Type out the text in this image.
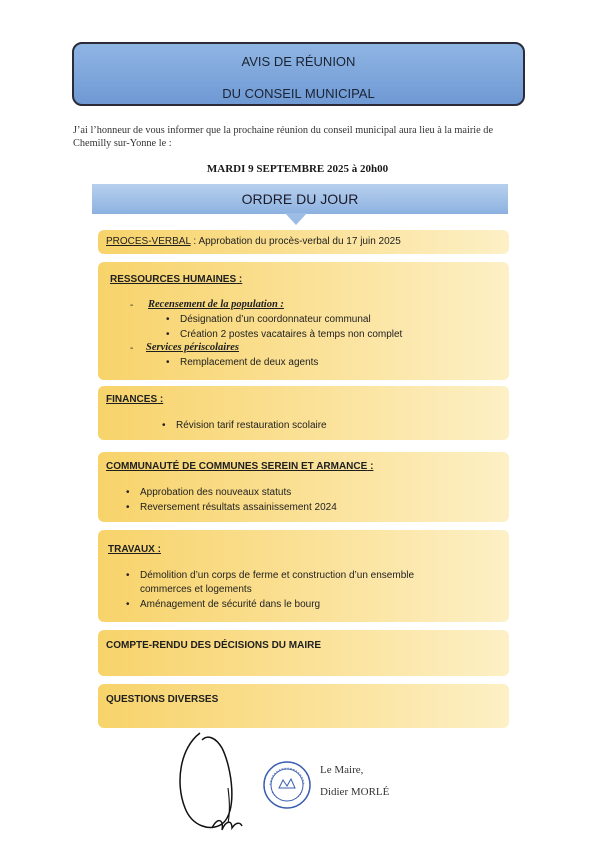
AVIS DE RÉUNION
DU CONSEIL MUNICIPAL
J’ai l’honneur de vous informer que la prochaine réunion du conseil municipal aura lieu à la mairie de Chemilly sur-Yonne le :
MARDI 9 SEPTEMBRE 2025 à 20h00
ORDRE DU JOUR
PROCES-VERBAL : Approbation du procès-verbal du 17 juin 2025
RESSOURCES HUMAINES :
- Recensement de la population :
• Désignation d’un coordonnateur communal
• Création 2 postes vacataires à temps non complet
- Services périscolaires
• Remplacement de deux agents
FINANCES :
• Révision tarif restauration scolaire
COMMUNAUTÉ DE COMMUNES SEREIN ET ARMANCE :
• Approbation des nouveaux statuts
• Reversement résultats assainissement 2024
TRAVAUX :
• Démolition d’un corps de ferme et construction d’un ensemble
commerces et logements
• Aménagement de sécurité dans le bourg
COMPTE-RENDU DES DÉCISIONS DU MAIRE
QUESTIONS DIVERSES
Le Maire,
Didier MORLÉ
